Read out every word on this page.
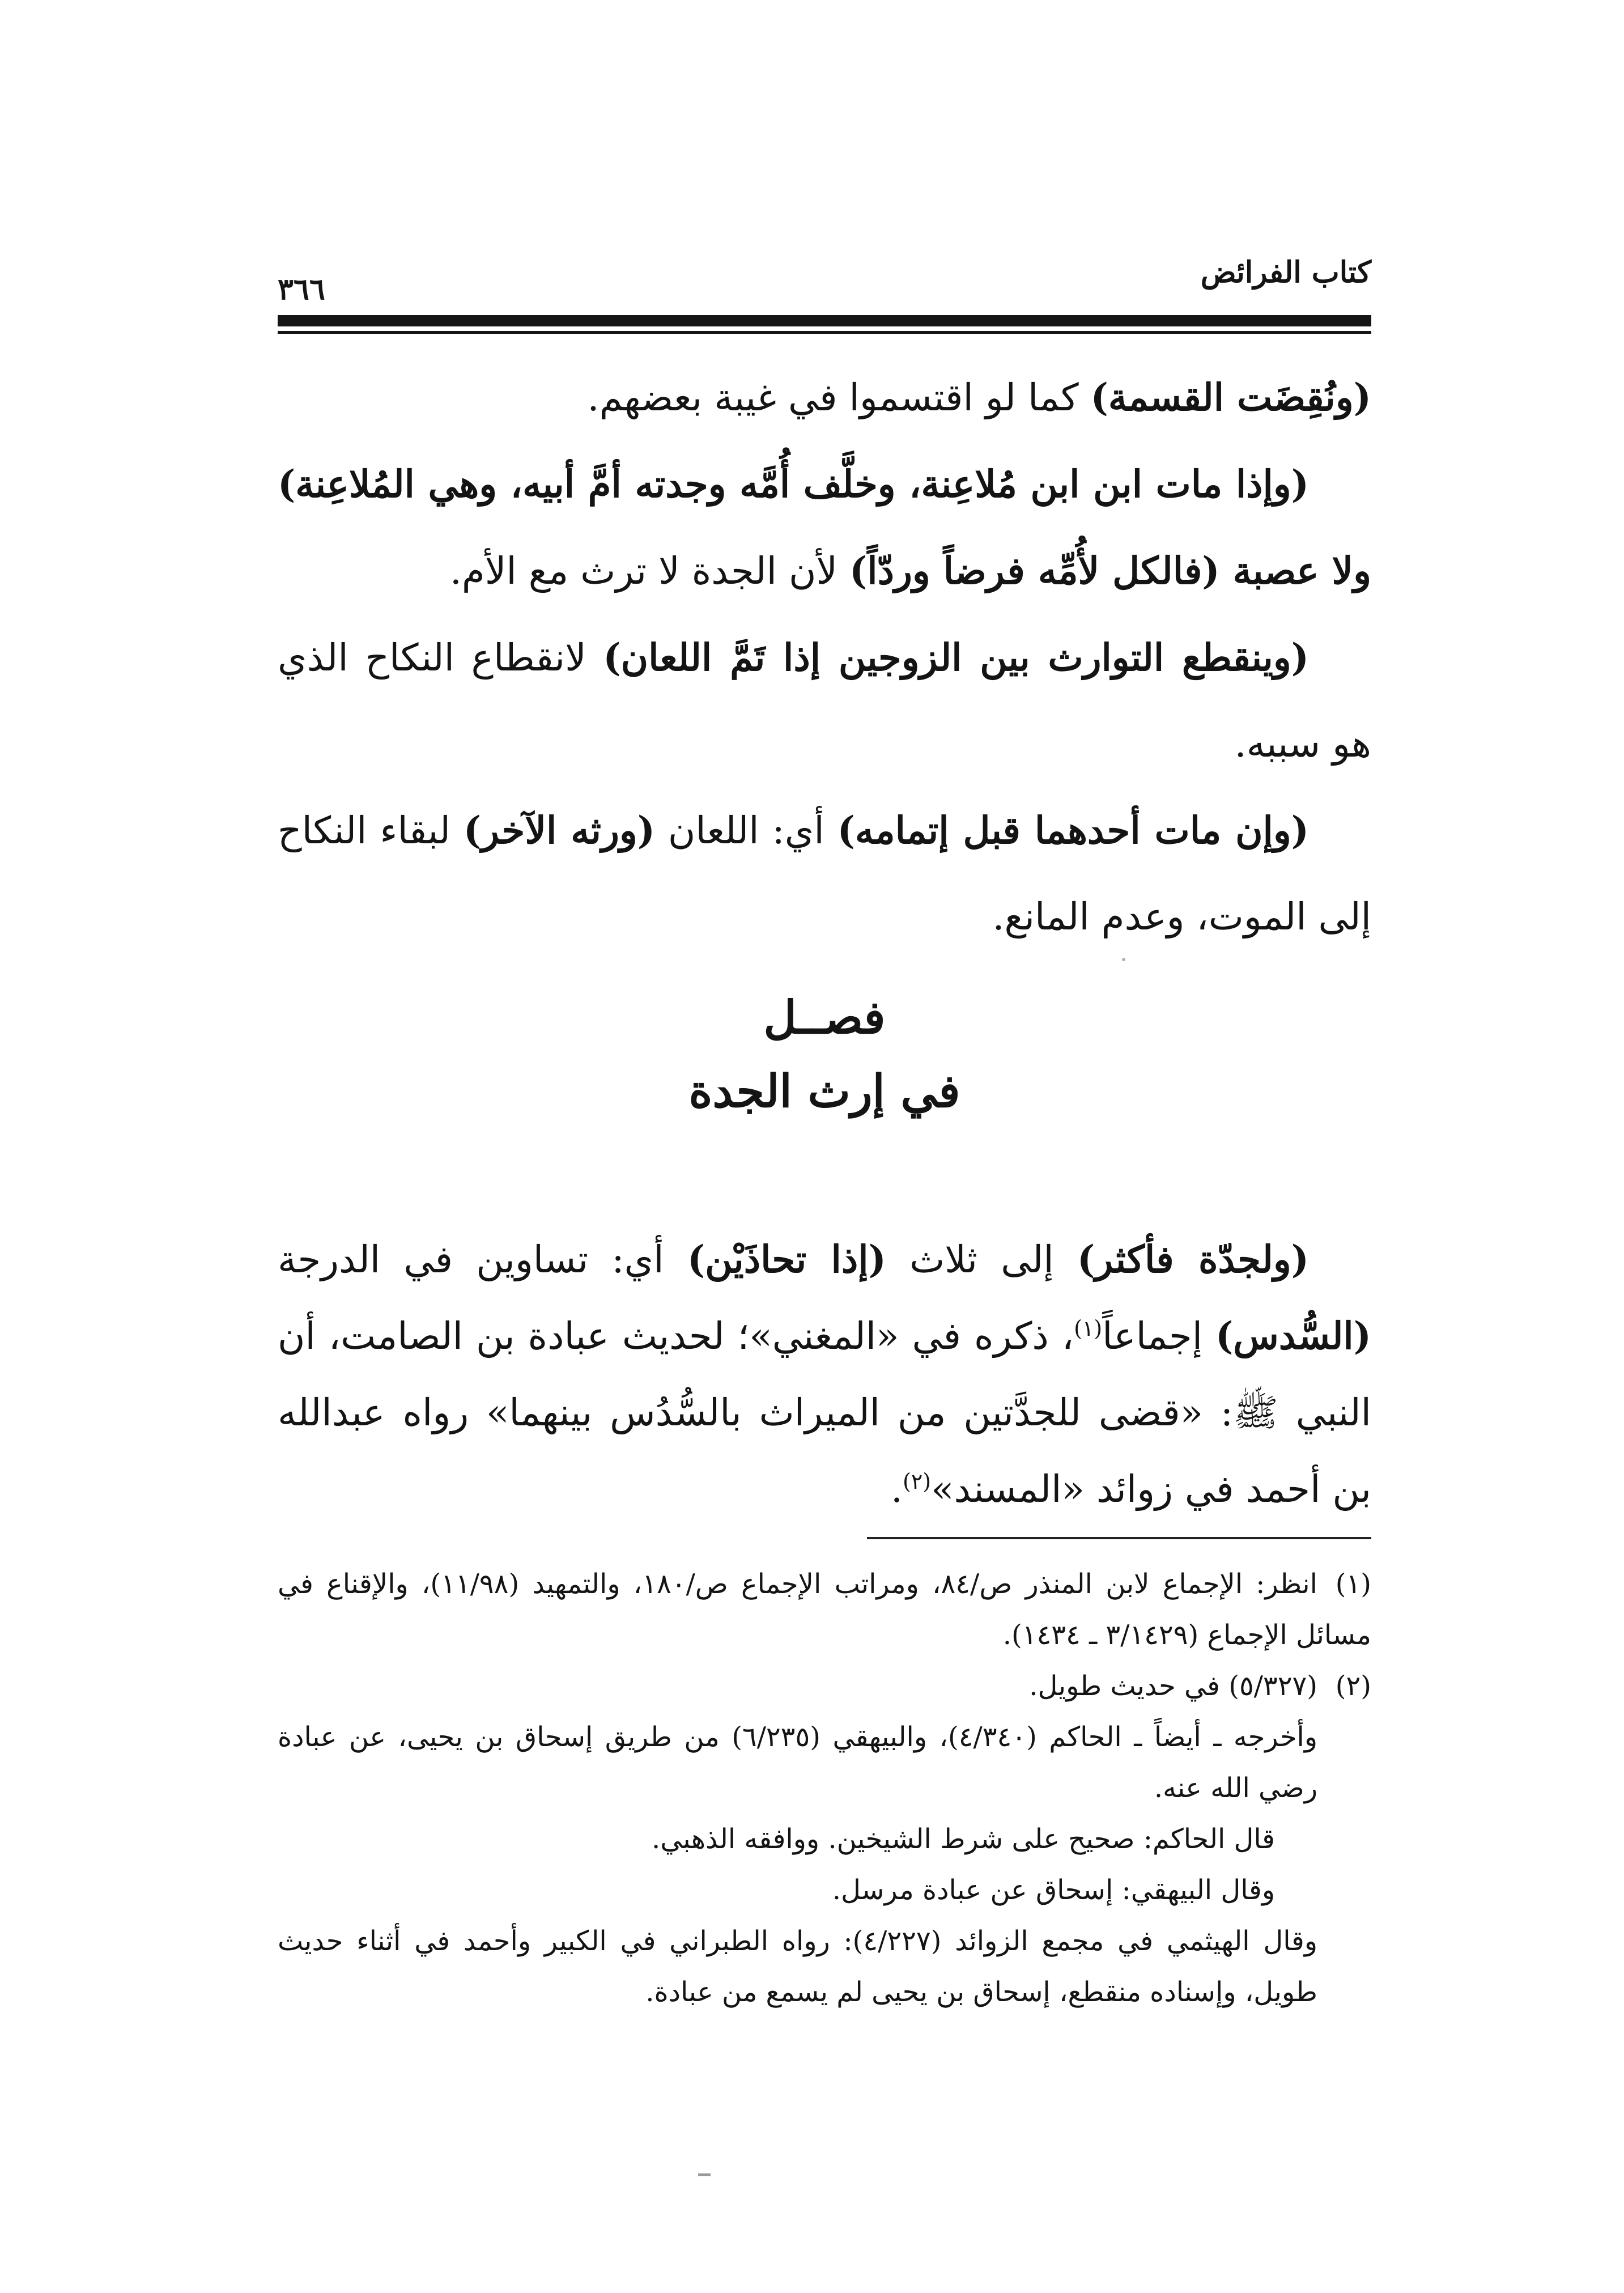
كتاب الفرائض
٣٦٦

(ونُقِضَت القسمة) كما لو اقتسموا في غيبة بعضهم.

(وإذا مات ابن ابن مُلاعِنة، وخلَّف أُمَّه وجدته أمَّ أبيه، وهي المُلاعِنة) ولا عصبة (فالكل لأُمِّه فرضاً وردّاً) لأن الجدة لا ترث مع الأم.

(وينقطع التوارث بين الزوجين إذا تَمَّ اللعان) لانقطاع النكاح الذي هو سببه.

(وإن مات أحدهما قبل إتمامه) أي: اللعان (ورثه الآخر) لبقاء النكاح إلى الموت، وعدم المانع.

فصــل
في إرث الجدة

(ولجدّة فأكثر) إلى ثلاث (إذا تحاذَيْن) أي: تساوين في الدرجة (السُّدس) إجماعاً$^{(١)}$، ذكره في «المغني»؛ لحديث عبادة بن الصامت، أن النبي ﷺ: «قضى للجدَّتين من الميراث بالسُّدُس بينهما» رواه عبدالله بن أحمد في زوائد «المسند»$^{(٢)}$.

(١)انظر: الإجماع لابن المنذر ص/٨٤، ومراتب الإجماع ص/١٨٠، والتمهيد (١١/٩٨)، والإقناع في مسائل الإجماع (٣/١٤٢٩ ـ ١٤٣٤).

(٢)(٥/٣٢٧) في حديث طويل.

وأخرجه ـ أيضاً ـ الحاكم (٤/٣٤٠)، والبيهقي (٦/٢٣٥) من طريق إسحاق بن يحيى، عن عبادة رضي الله عنه.

قال الحاكم: صحيح على شرط الشيخين. ووافقه الذهبي.

وقال البيهقي: إسحاق عن عبادة مرسل.

وقال الهيثمي في مجمع الزوائد (٤/٢٢٧): رواه الطبراني في الكبير وأحمد في أثناء حديث طويل، وإسناده منقطع، إسحاق بن يحيى لم يسمع من عبادة.
